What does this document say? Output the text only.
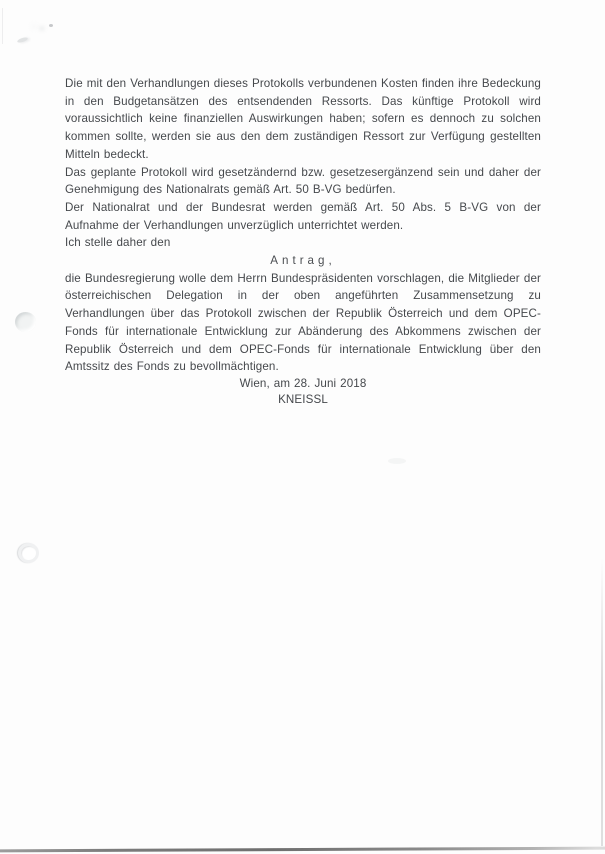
Die mit den Verhandlungen dieses Protokolls verbundenen Kosten finden ihre Bedeckung in den Budgetansätzen des entsendenden Ressorts. Das künftige Protokoll wird voraussichtlich keine finanziellen Auswirkungen haben; sofern es dennoch zu solchen kommen sollte, werden sie aus den dem zuständigen Ressort zur Verfügung gestellten Mitteln bedeckt.

Das geplante Protokoll wird gesetzändernd bzw. gesetzesergänzend sein und daher der Genehmigung des Nationalrats gemäß Art. 50 B-VG bedürfen.

Der Nationalrat und der Bundesrat werden gemäß Art. 50 Abs. 5 B-VG von der Aufnahme der Verhandlungen unverzüglich unterrichtet werden.

Ich stelle daher den

Antrag,

die Bundesregierung wolle dem Herrn Bundespräsidenten vorschlagen, die Mitglieder der österreichischen Delegation in der oben angeführten Zusammensetzung zu Verhandlungen über das Protokoll zwischen der Republik Österreich und dem OPEC-Fonds für internationale Entwicklung zur Abänderung des Abkommens zwischen der Republik Österreich und dem OPEC-Fonds für internationale Entwicklung über den Amtssitz des Fonds zu bevollmächtigen.

Wien, am 28. Juni 2018

KNEISSL
